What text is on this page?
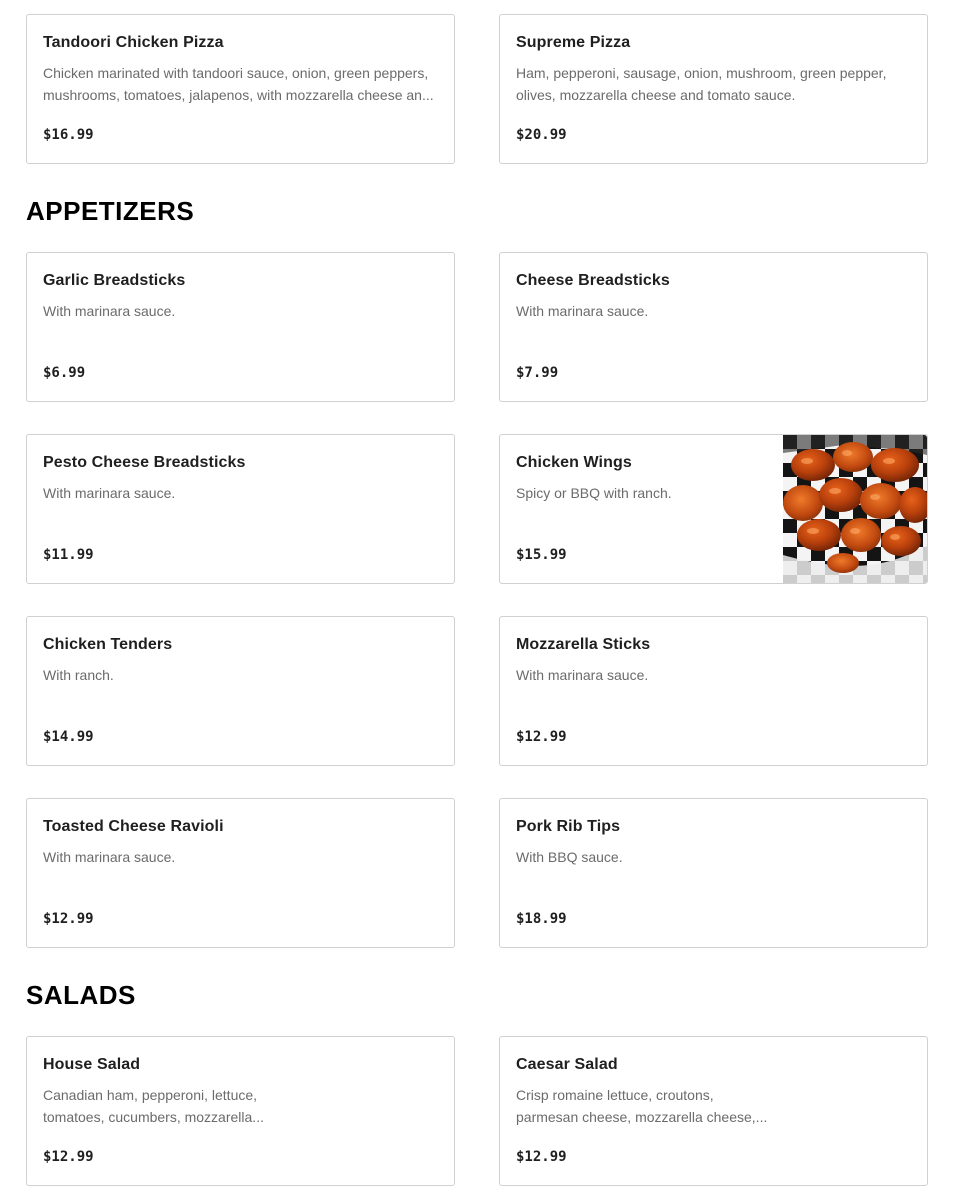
Tandoori Chicken Pizza
Chicken marinated with tandoori sauce, onion, green peppers,
mushrooms, tomatoes, jalapenos, with mozzarella cheese an...
$16.99
Supreme Pizza
Ham, pepperoni, sausage, onion, mushroom, green pepper,
olives, mozzarella cheese and tomato sauce.
$20.99
APPETIZERS
Garlic Breadsticks
With marinara sauce.
$6.99
Cheese Breadsticks
With marinara sauce.
$7.99
Pesto Cheese Breadsticks
With marinara sauce.
$11.99
Chicken Wings
Spicy or BBQ with ranch.
$15.99
Chicken Tenders
With ranch.
$14.99
Mozzarella Sticks
With marinara sauce.
$12.99
Toasted Cheese Ravioli
With marinara sauce.
$12.99
Pork Rib Tips
With BBQ sauce.
$18.99
SALADS
House Salad
Canadian ham, pepperoni, lettuce,
tomatoes, cucumbers, mozzarella...
$12.99
Caesar Salad
Crisp romaine lettuce, croutons,
parmesan cheese, mozzarella cheese,...
$12.99
